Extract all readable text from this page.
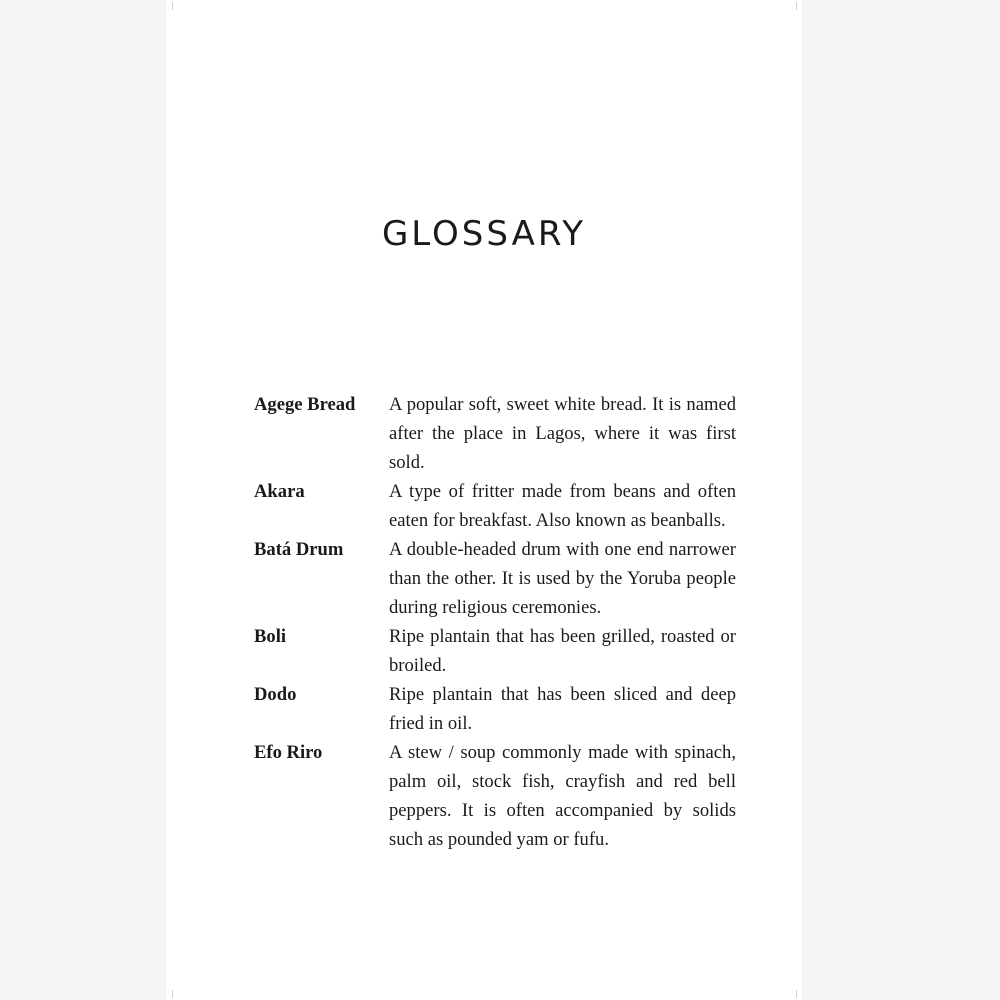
GLOSSARY
Agege Bread	A popular soft, sweet white bread. It is named after the place in Lagos, where it was first sold.
Akara	A type of fritter made from beans and often eaten for breakfast. Also known as beanballs.
Batá Drum	A double-headed drum with one end narrower than the other. It is used by the Yoruba people during religious ceremonies.
Boli	Ripe plantain that has been grilled, roasted or broiled.
Dodo	Ripe plantain that has been sliced and deep fried in oil.
Efo Riro	A stew / soup commonly made with spinach, palm oil, stock fish, crayfish and red bell peppers. It is often accompanied by solids such as pounded yam or fufu.
